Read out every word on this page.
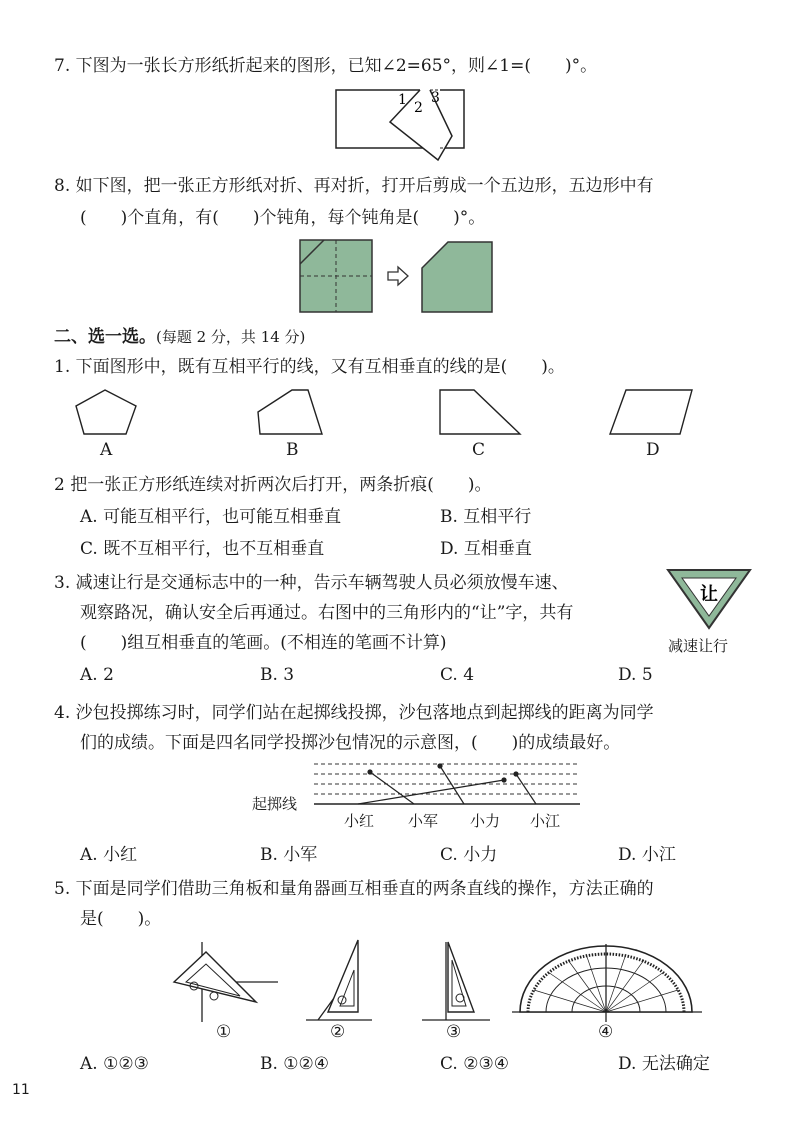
7. 下图为一张长方形纸折起来的图形，已知∠2=65°，则∠1=(　　)°。
1 2
3
8. 如下图，把一张正方形纸对折、再对折，打开后剪成一个五边形，五边形中有
(　　)个直角，有(　　)个钝角，每个钝角是(　　)°。
二、选一选。(每题 2 分，共 14 分)
1. 下面图形中，既有互相平行的线，又有互相垂直的线的是(　　)。
A	B	C	D
2 把一张正方形纸连续对折两次后打开，两条折痕(　　)。
A. 可能互相平行，也可能互相垂直	B. 互相平行
C. 既不互相平行，也不互相垂直	D. 互相垂直
3. 减速让行是交通标志中的一种，告示车辆驾驶人员必须放慢车速、
观察路况，确认安全后再通过。右图中的三角形内的“让”字，共有
(　　)组互相垂直的笔画。(不相连的笔画不计算)
让
减速让行
A. 2	B. 3	C. 4	D. 5
4. 沙包投掷练习时，同学们站在起掷线投掷，沙包落地点到起掷线的距离为同学
们的成绩。下面是四名同学投掷沙包情况的示意图，(　　)的成绩最好。
起掷线
小红 小军 小力 小江
A. 小红	B. 小军	C. 小力	D. 小江
5. 下面是同学们借助三角板和量角器画互相垂直的两条直线的操作，方法正确的
是(　　)。
①	②	③	④
A. ①②③	B. ①②④	C. ②③④	D. 无法确定
11
